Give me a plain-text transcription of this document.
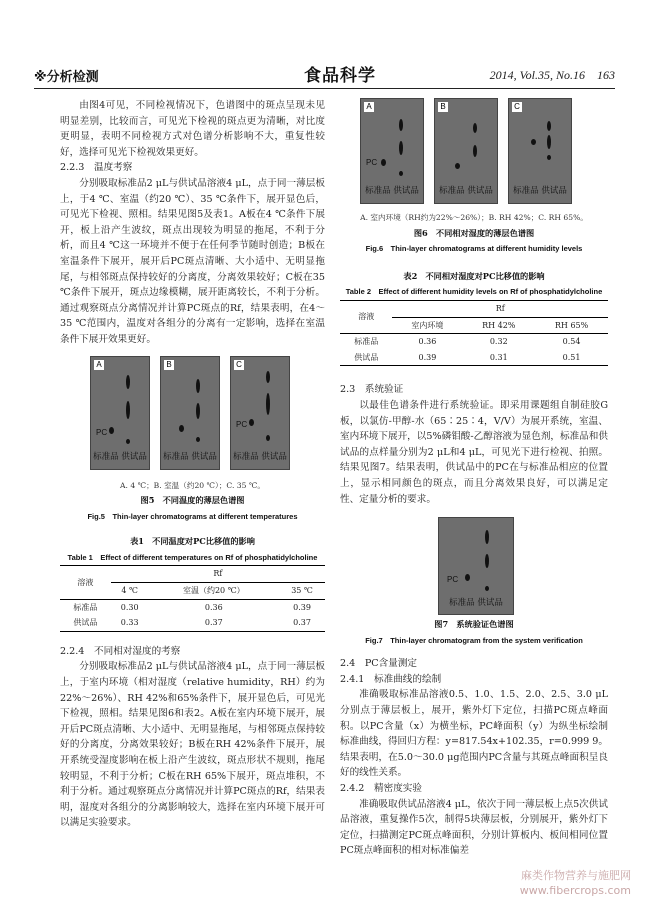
※分析检测	食品科学	2014, Vol.35, No.16　163

由图4可见，不同检视情况下，色谱图中的斑点呈现未见明显差别，比较而言，可见光下检视的斑点更为清晰，对比度更明显，表明不同检视方式对色谱分析影响不大，重复性较好，选择可见光下检视效果更好。

2.2.3　温度考察

分别吸取标准品2 μL与供试品溶液4 μL，点于同一薄层板上，于4 ℃、室温（约20 ℃）、35 ℃条件下，展开显色后，可见光下检视、照相。结果见图5及表1。A板在4 ℃条件下展开，板上沿产生波纹，斑点出现较为明显的拖尾，不利于分析，而且4 ℃这一环境并不便于在任何季节随时创造；B板在室温条件下展开，展开后PC斑点清晰、大小适中、无明显拖尾，与相邻斑点保持较好的分离度，分离效果较好；C板在35 ℃条件下展开，斑点边缘模糊，展开距离较长，不利于分析。通过观察斑点分离情况并计算PC斑点的Rf，结果表明，在4～35 ℃范围内，温度对各组分的分离有一定影响，选择在室温条件下展开效果更好。

A
PC
标准品 供试品
B
标准品 供试品
C
PC
标准品 供试品
A. 4 ℃；B. 室温（约20 ℃）；C. 35 ℃。
图5　不同温度的薄层色谱图
Fig.5　Thin-layer chromatograms at different temperatures
表1　不同温度对PC比移值的影响
Table 1　Effect of different temperatures on Rf of phosphatidylcholine
溶液	Rf		
	4 ℃	室温（约20 ℃）	35 ℃
标准品	0.30	0.36	0.39
供试品	0.33	0.37	0.37
2.2.4　不同相对湿度的考察

分别吸取标准品2 μL与供试品溶液4 μL，点于同一薄层板上，于室内环境（相对湿度（relative humidity，RH）约为22%～26%）、RH 42%和65%条件下，展开显色后，可见光下检视，照相。结果见图6和表2。A板在室内环境下展开，展开后PC斑点清晰、大小适中、无明显拖尾，与相邻斑点保持较好的分离度，分离效果较好；B板在RH 42%条件下展开，展开系统受湿度影响在板上沿产生波纹，斑点形状不规则，拖尾较明显，不利于分析；C板在RH 65%下展开，斑点堆积，不利于分析。通过观察斑点分离情况并计算PC斑点的Rf，结果表明，湿度对各组分的分离影响较大，选择在室内环境下展开可以满足实验要求。

A
PC
标准品 供试品
B
标准品 供试品
C
标准品 供试品
A. 室内环境（RH约为22%～26%）；B. RH 42%；C. RH 65%。
图6　不同相对湿度的薄层色谱图
Fig.6　Thin-layer chromatograms at different humidity levels
表2　不同相对湿度对PC比移值的影响
Table 2　Effect of different humidity levels on Rf of phosphatidylcholine
溶液	Rf		
	室内环境	RH 42%	RH 65%
标准品	0.36	0.32	0.54
供试品	0.39	0.31	0.51
2.3　系统验证

以最佳色谱条件进行系统验证。即采用课题组自制硅胶G板，以氯仿-甲醇-水（65∶25∶4，V/V）为展开系统，室温、室内环境下展开，以5%磷钼酸-乙醇溶液为显色剂，标准品和供试品的点样量分别为2 μL和4 μL，可见光下进行检视、拍照。结果见图7。结果表明，供试品中的PC在与标准品相应的位置上，显示相同颜色的斑点，而且分离效果良好，可以满足定性、定量分析的要求。

PC
标准品 供试品
图7　系统验证色谱图
Fig.7　Thin-layer chromatogram from the system verification
2.4　PC含量测定
2.4.1　标准曲线的绘制

准确吸取标准品溶液0.5、1.0、1.5、2.0、2.5、3.0 μL分别点于薄层板上，展开，紫外灯下定位，扫描PC斑点峰面积。以PC含量（x）为横坐标，PC峰面积（y）为纵坐标绘制标准曲线，得回归方程：y=817.54x+102.35，r=0.999 9。结果表明，在5.0～30.0 μg范围内PC含量与其斑点峰面积呈良好的线性关系。

2.4.2　精密度实验

准确吸取供试品溶液4 μL，依次于同一薄层板上点5次供试品溶液，重复操作5次，制得5块薄层板，分别展开，紫外灯下定位，扫描测定PC斑点峰面积，分别计算板内、板间相同位置PC斑点峰面积的相对标准偏差

麻类作物营养与施肥网
www.fibercrops.com
